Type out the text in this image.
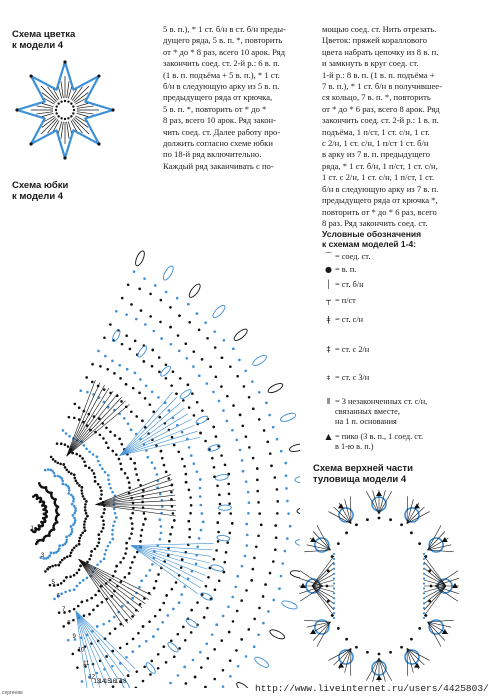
Схема цветка
к модели 4
Схема юбки
к модели 4
18
17
16
15
14
13
12
11
10
9
8
7
6
5
4
3
2
1
5 в. п.), * 1 ст. б/н в ст. б/н преды-
дущего ряда, 5 в. п. *, повторить
от * до * 8 раз, всего 10 арок. Ряд
закончить соед. ст. 2-й р.: 6 в. п.
(1 в. п. подъёма + 5 в. п.), * 1 ст.
б/н в следующую арку из 5 в. п.
предыдущего ряда от крючка,
5 в. п. *, повторить от * до *
8 раз, всего 10 арок. Ряд закон-
чить соед. ст. Далее работу про-
должить согласно схеме юбки
по 18-й ряд включительно.
Каждый ряд заканчивать с по-
мощью соед. ст. Нить отрезать.
Цветок: пряжей кораллового
цвета набрать цепочку из 8 в. п.
и замкнуть в круг соед. ст.
1-й р.: 8 в. п. (1 в. п. подъёма +
7 в. п.), * 1 ст. б/н в получившее-
ся кольцо, 7 в. п. *, повторить
от * до * 6 раз, всего 8 арок. Ряд
закончить соед. ст. 2-й р.: 1 в. п.
подъёма, 1 п/ст, 1 ст. с/н, 1 ст.
с 2/н, 1 ст. с/н, 1 п/ст 1 ст. б/н
в арку из 7 в. п. предыдущего
ряда, * 1 ст. б/н, 1 п/ст, 1 ст. с/н,
1 ст. с 2/н, 1 ст. с/н, 1 п/ст, 1 ст.
б/н в следующую арку из 7 в. п.
предыдущего ряда от крючка *,
повторить от * до * 6 раз, всего
8 раз. Ряд закончить соед. ст.
Условные обозначения
к схемам моделей 1-4:
⌒ = соед. ст.
● = в. п.
│ = ст. б/н
┬ = п/ст
ǂ = ст. с/н
‡ = ст. с 2/н
⧧ = ст. с 3/н
⦀ = 3 незаконченных ст. с/н,
связанных вместе,
на 1 п. основания
▲ = пико (3 в. п., 1 соед. ст.
в 1-ю в. п.)
Схема верхней части
туловища модели 4
http://www.liveinternet.ru/users/4425803/
сергеева
